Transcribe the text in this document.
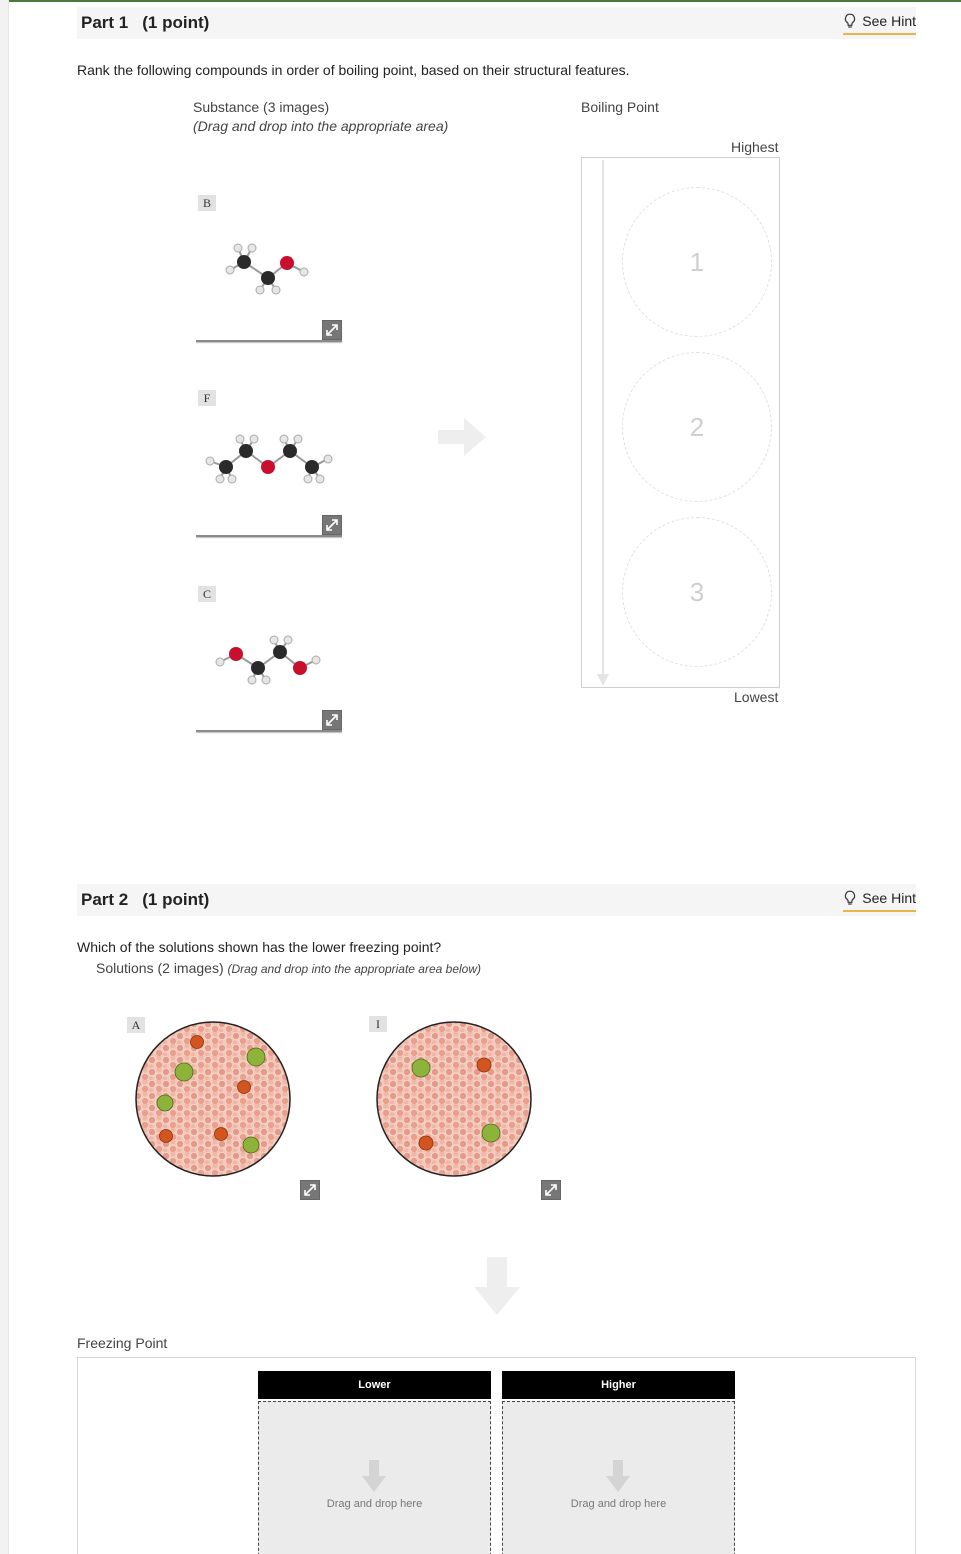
Part 1 (1 point)	See Hint
Rank the following compounds in order of boiling point, based on their structural features.
Substance (3 images)
(Drag and drop into the appropriate area)
Boiling Point
B
F
C
Highest
1
2
3
Lowest
Part 2 (1 point)	See Hint
Which of the solutions shown has the lower freezing point?
Solutions (2 images) (Drag and drop into the appropriate area below)
A	I
Freezing Point
Lower
Drag and drop here
Higher
Drag and drop here
